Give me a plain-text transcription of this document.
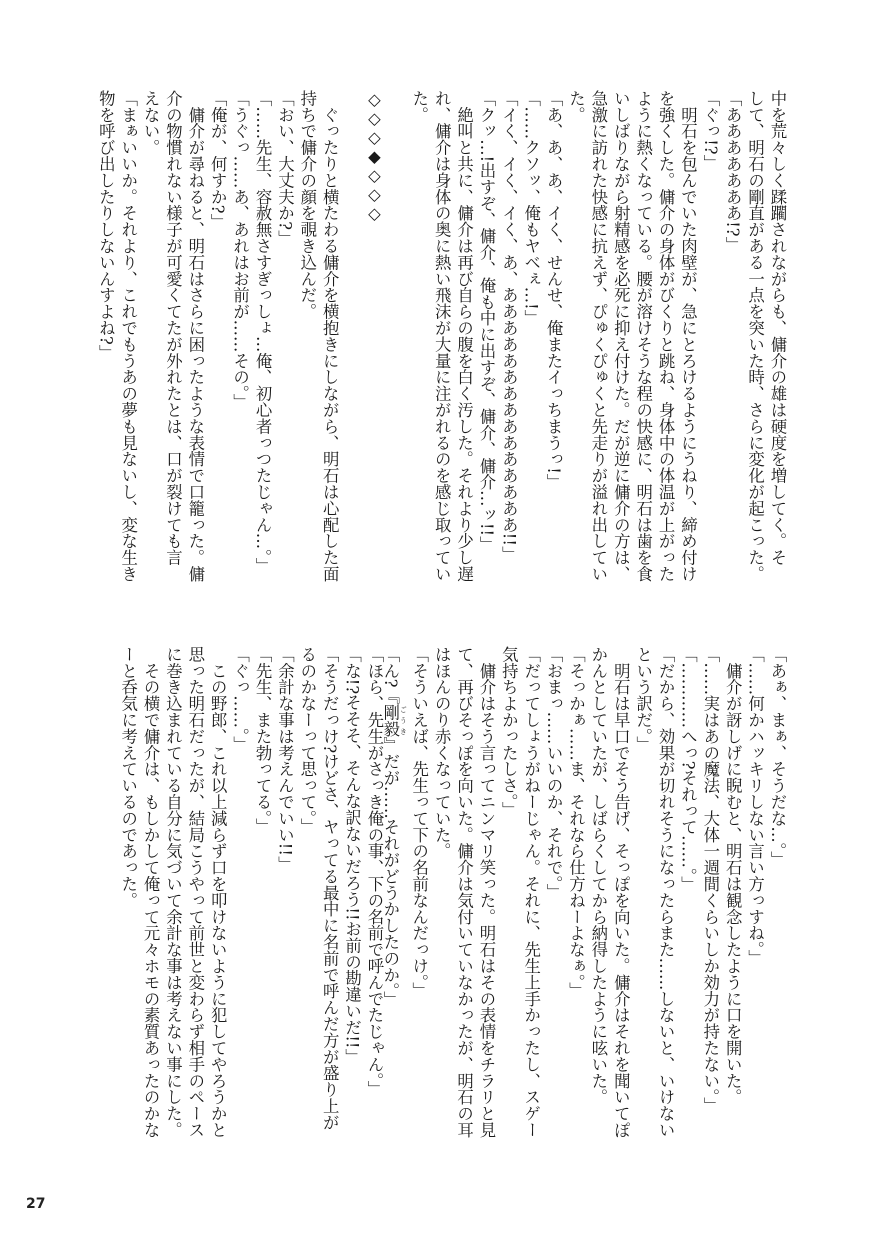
中を荒々しく蹂躙されながらも、傭介の雄は硬度を増してく。そ
して、明石の剛直がある一点を突いた時、さらに変化が起こった。
「あああああああ!?」
「ぐっ!?」
　明石を包んでいた肉壁が、急にとろけるようにうねり、締め付け
を強くした。傭介の身体がびくりと跳ね、身体中の体温が上がった
ように熱くなっている。腰が溶けそうな程の快感に、明石は歯を食
いしばりながら射精感を必死に抑え付けた。だが逆に傭介の方は、
急激に訪れた快感に抗えず、ぴゅくぴゅくと先走りが溢れ出してい
た。
「あ、あ、あ、イく、せんせ、俺またイっちまうっ!」
「……クソッ、俺もヤベぇ…!」
「イく、イく、イく、あ、あああああああああああああああ!!」
「クッ…!出すぞ、傭介、俺も中に出すぞ、傭介、傭介…ッ!!」
　絶叫と共に、傭介は再び自らの腹を白く汚した。それより少し遅
れ、傭介は身体の奥に熱い飛沫が大量に注がれるのを感じ取ってい
た。
◇◇◇◆◇◇◇
　ぐったりと横たわる傭介を横抱きにしながら、明石は心配した面
持ちで傭介の顔を覗き込んだ。
「おい、大丈夫か?」
「……先生、容赦無さすぎっしょ…俺、初心者っつたじゃん…。」
「うぐっ……あ、あれはお前が……その。」
「俺が、何すか?」
　傭介が尋ねると、明石はさらに困ったような表情で口籠った。傭
介の物慣れない様子が可愛くてたが外れたとは、口が裂けても言
えない。
「まぁいいか。それより、これでもうあの夢も見ないし、変な生き
物を呼び出したりしないんすよね?」
「あぁ、まぁ、そうだな…。」
「……何かハッキリしない言い方っすね。」
　傭介が訝しげに睨むと、明石は観念したように口を開いた。
「……実はあの魔法、大体一週間くらいしか効力が持たない。」
「…………へっ?それって……。」
「だから、効果が切れそうになったらまた……しないと、いけない
という訳だ。」
　明石は早口でそう告げ、そっぽを向いた。傭介はそれを聞いてぽ
かんとしていたが、しばらくしてから納得したように呟いた。
「そっかぁ……ま、それなら仕方ねーよなぁ。」
「おまっ……いいのか、それで。」
「だってしょうがねーじゃん。それに、先生上手かったし、スゲー
気持ちよかったしさ。」
　傭介はそう言ってニンマリ笑った。明石はその表情をチラリと見
て、再びそっぽを向いた。傭介は気付いていなかったが、明石の耳
はほんのり赤くなっていた。
「そういえば、先生って下の名前なんだっけ。」
「ん?『剛毅 ごうき』だが……それがどうかしたのか。」
「ほら、先生がさっき俺の事、下の名前で呼んでたじゃん。」
「な!?そそそ、そんな訳ないだろう!!お前の勘違いだ!!」
「そうだっけ?けどさ、ヤってる最中に名前で呼んだ方が盛り上が
るのかなーって思って。」
「余計な事は考えんでいい!!」
「先生、また勃ってる。」
「ぐっ……。」
　この野郎、これ以上減らず口を叩けないように犯してやろうかと
思った明石だったが、結局こうやって前世と変わらず相手のペース
に巻き込まれている自分に気づいて余計な事は考えない事にした。
　その横で傭介は、もしかして俺って元々ホモの素質あったのかな
ーと呑気に考えているのであった。
27
